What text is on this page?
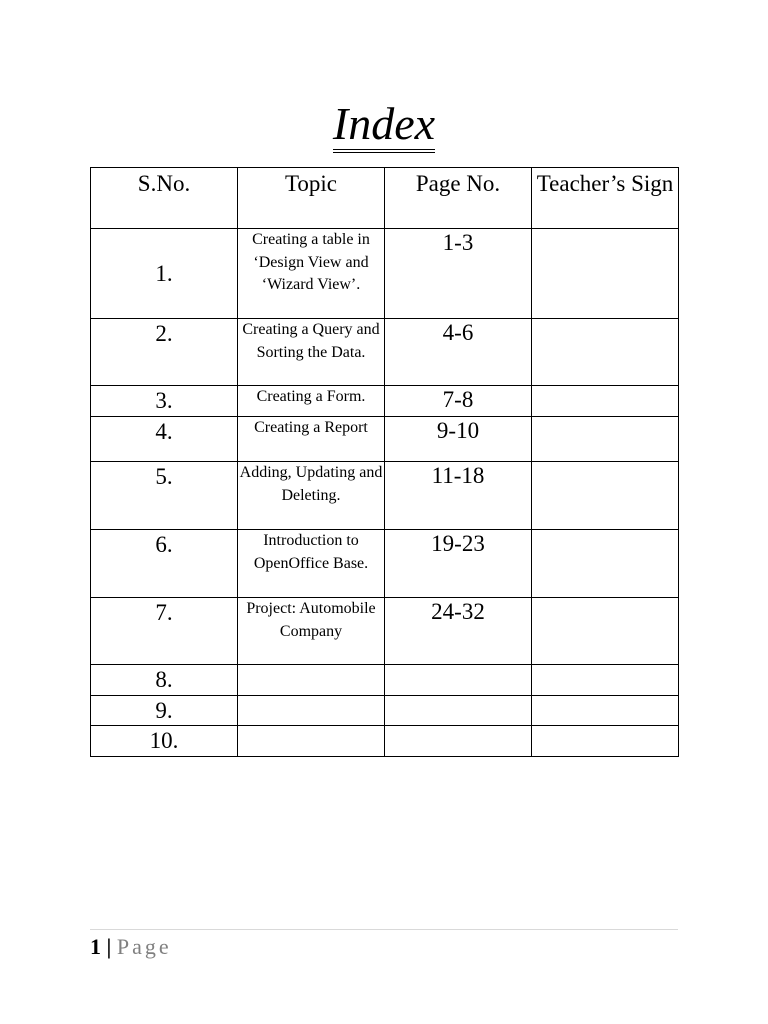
Index
S.No.	Topic	Page No.	Teacher’s Sign
1.	Creating a table in ‘Design View and ‘Wizard View’.	1-3	
2.	Creating a Query and Sorting the Data.	4-6	
3.	Creating a Form.	7-8	
4.	Creating a Report	9-10	
5.	Adding, Updating and Deleting.	11-18	
6.	Introduction to OpenOffice Base.	19-23	
7.	Project: Automobile Company	24-32	
8.			
9.			
10.			
1 | Page
